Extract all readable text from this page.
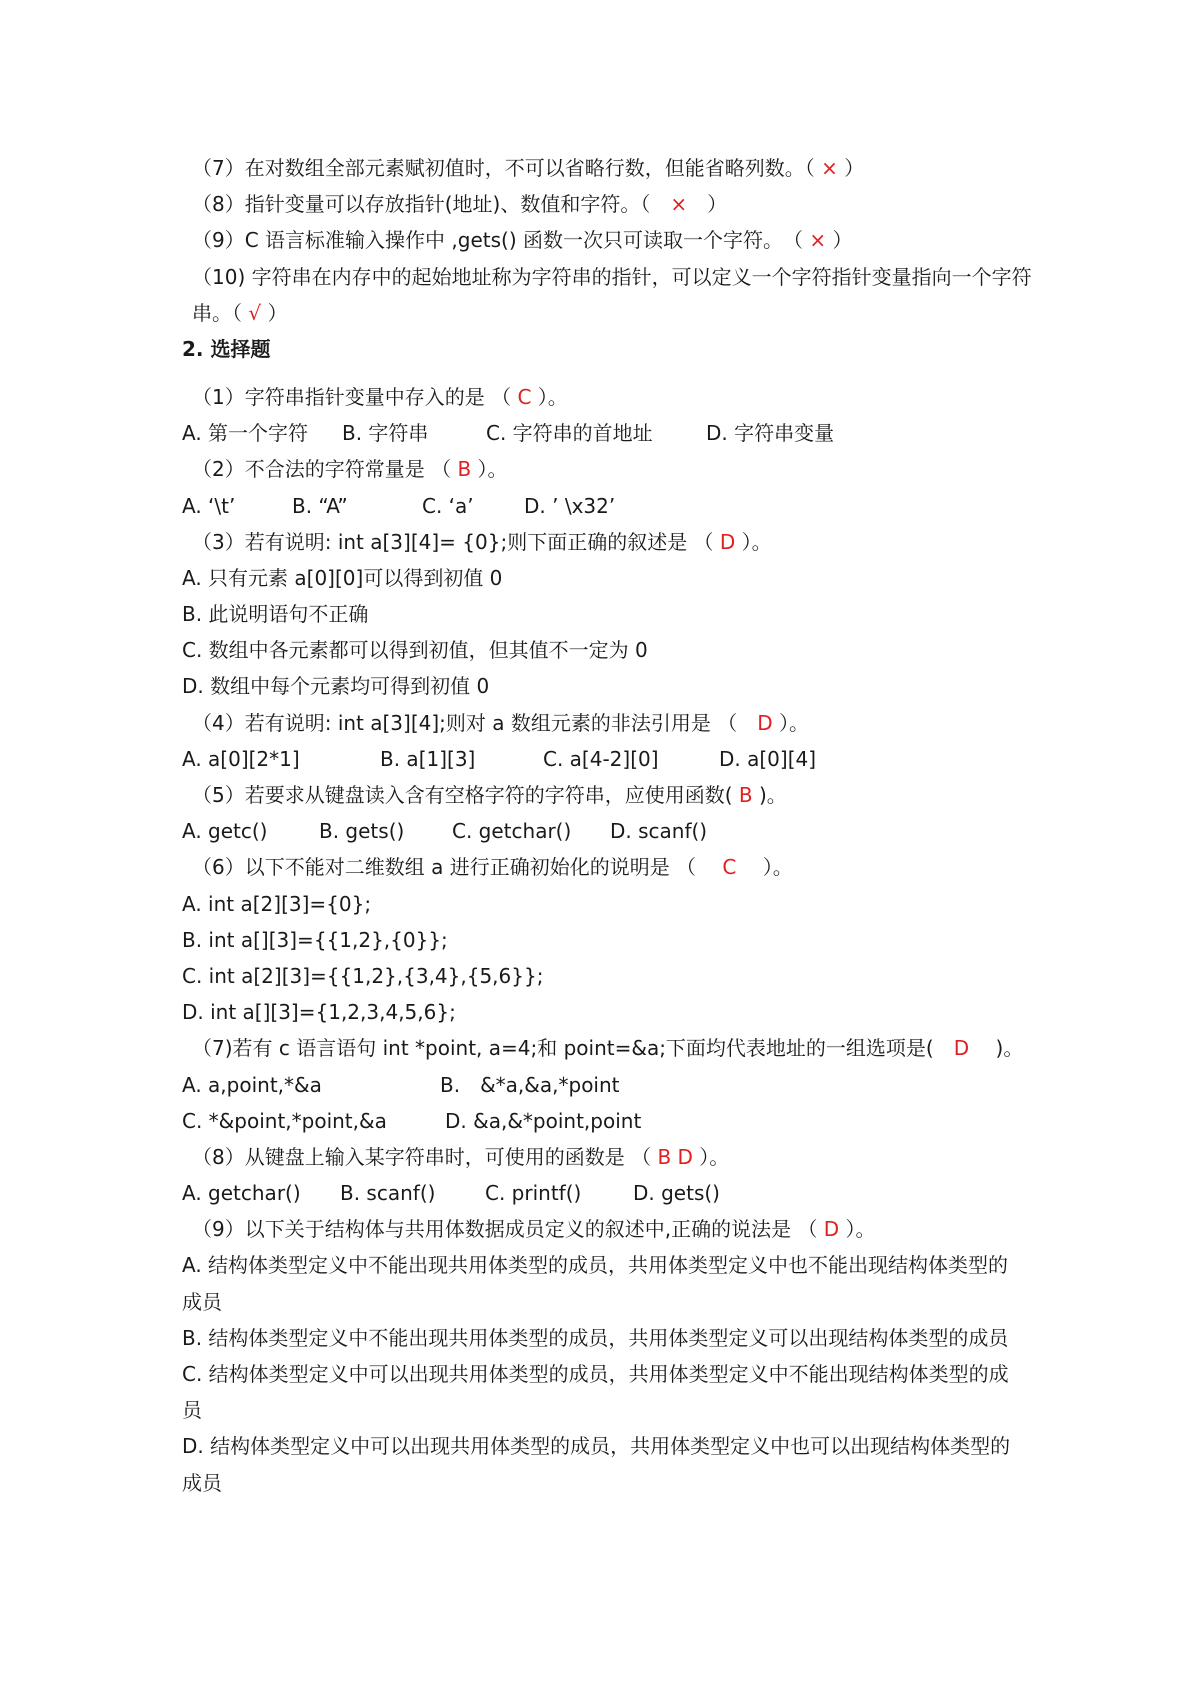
（7）在对数组全部元素赋初值时，不可以省略行数，但能省略列数。（ × ）
（8）指针变量可以存放指针(地址)、数值和字符。（　×　）
（9）C 语言标准输入操作中 ,gets() 函数一次只可读取一个字符。　（ × ）
（10) 字符串在内存中的起始地址称为字符串的指针，可以定义一个字符指针变量指向一个字符串。（ √ ）
2. 选择题
（1）字符串指针变量中存入的是 （ C ）。
A. 第一个字符 B. 字符串	C. 字符串的首地址	D. 字符串变量
（2）不合法的字符常量是 （ B ）。
A. ‘\t’	B. “A”	C. ‘a’	D. ’ \x32’
（3）若有说明: int a[3][4]= {0};则下面正确的叙述是 （ D ）。
A. 只有元素 a[0][0]可以得到初值 0
B. 此说明语句不正确
C. 数组中各元素都可以得到初值，但其值不一定为 0
D. 数组中每个元素均可得到初值 0
（4）若有说明: int a[3][4];则对 a 数组元素的非法引用是 （　D ）。
A. a[0][2*1]	B. a[1][3]	C. a[4-2][0]	D. a[0][4]
（5）若要求从键盘读入含有空格字符的字符串，应使用函数( B )。
A. getc()	B. gets() C. getchar() D. scanf()
（6）以下不能对二维数组 a 进行正确初始化的说明是 （　 C 　）。
A. int a[2][3]={0};
B. int a[][3]={{1,2},{0}};
C. int a[2][3]={{1,2},{3,4},{5,6}};
D. int a[][3]={1,2,3,4,5,6};
（7)若有 c 语言语句 int *point, a=4;和 point=&a;下面均代表地址的一组选项是(　D 　)。
A. a,point,*&a	B.　&*a,&a,*point
C. *&point,*point,&a	D. &a,&*point,point
（8）从键盘上输入某字符串时，可使用的函数是 （ B D ）。
A. getchar() B. scanf() C. printf()	D. gets()
（9）以下关于结构体与共用体数据成员定义的叙述中,正确的说法是 （ D ）。
A. 结构体类型定义中不能出现共用体类型的成员，共用体类型定义中也不能出现结构体类型的成员
B. 结构体类型定义中不能出现共用体类型的成员，共用体类型定义可以出现结构体类型的成员
C. 结构体类型定义中可以出现共用体类型的成员，共用体类型定义中不能出现结构体类型的成员
D. 结构体类型定义中可以出现共用体类型的成员，共用体类型定义中也可以出现结构体类型的成员
